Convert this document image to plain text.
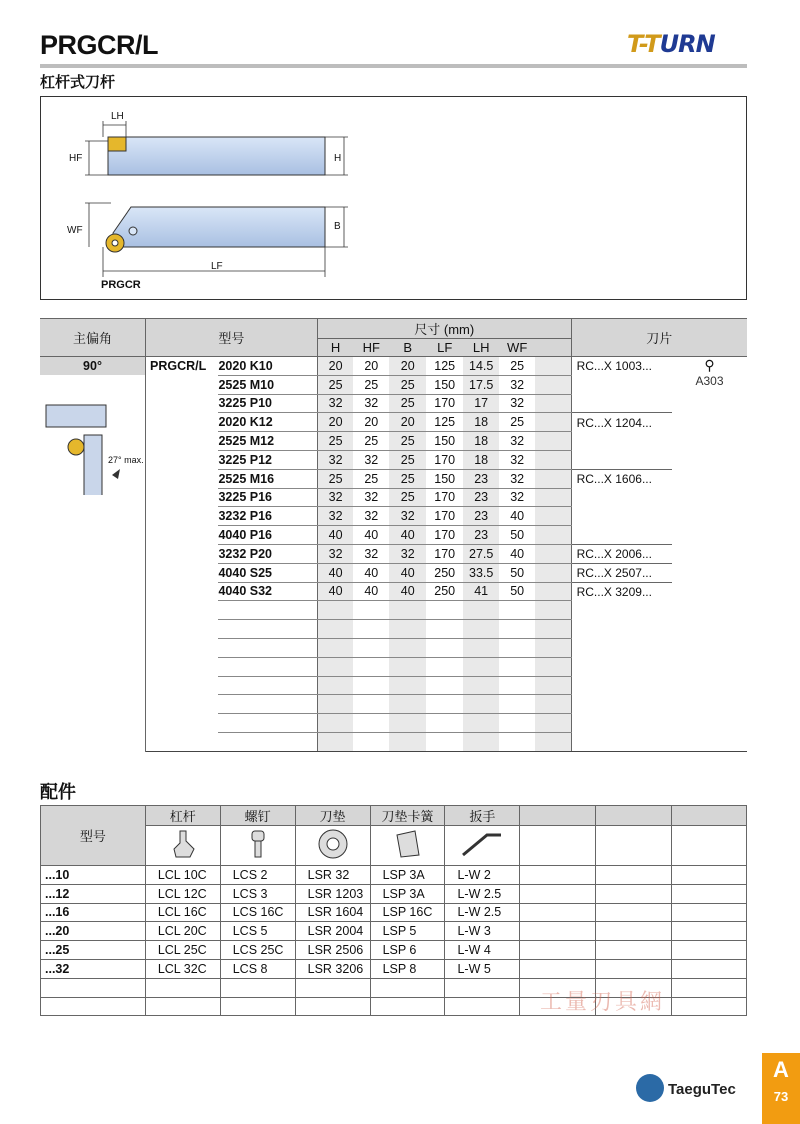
PRGCR/L
杠杆式刀杆
T-TURN
LH
HF	H
WF	B
LF
PRGCR
主偏角	型号		尺寸 (mm)							刀片	
			H	HF	B	LF	LH	WF			
90°	PRGCR/L	2020 K10	20	20	20	125	14.5	25		RC...X 1003...	⚲
A303

27° max.		2525 M10	25	25	25	150	17.5	32		
		3225 P10	32	32	25	170	17	32			
		2020 K12	20	20	20	125	18	25		RC...X 1204...	
		2525 M12	25	25	25	150	18	32			
		3225 P12	32	32	25	170	18	32			
		2525 M16	25	25	25	150	23	32		RC...X 1606...	
		3225 P16	32	32	25	170	23	32			
		3232 P16	32	32	32	170	23	40			
		4040 P16	40	40	40	170	23	50			
		3232 P20	32	32	32	170	27.5	40		RC...X 2006...	
		4040 S25	40	40	40	250	33.5	50		RC...X 2507...	
		4040 S32	40	40	40	250	41	50		RC...X 3209...	

配件
型号	杠杆	螺钉	刀垫	刀垫卡簧	扳手			

...10	LCL 10C	LCS 2	LSR 32	LSP 3A	L-W 2			
...12	LCL 12C	LCS 3	LSR 1203	LSP 3A	L-W 2.5			
...16	LCL 16C	LCS 16C	LSR 1604	LSP 16C	L-W 2.5			
...20	LCL 20C	LCS 5	LSR 2004	LSP 5	L-W 3			
...25	LCL 25C	LCS 25C	LSR 2506	LSP 6	L-W 4			
...32	LCL 32C	LCS 8	LSR 3206	LSP 8	L-W 5			

工量刃具網
TaeguTec
A
73
